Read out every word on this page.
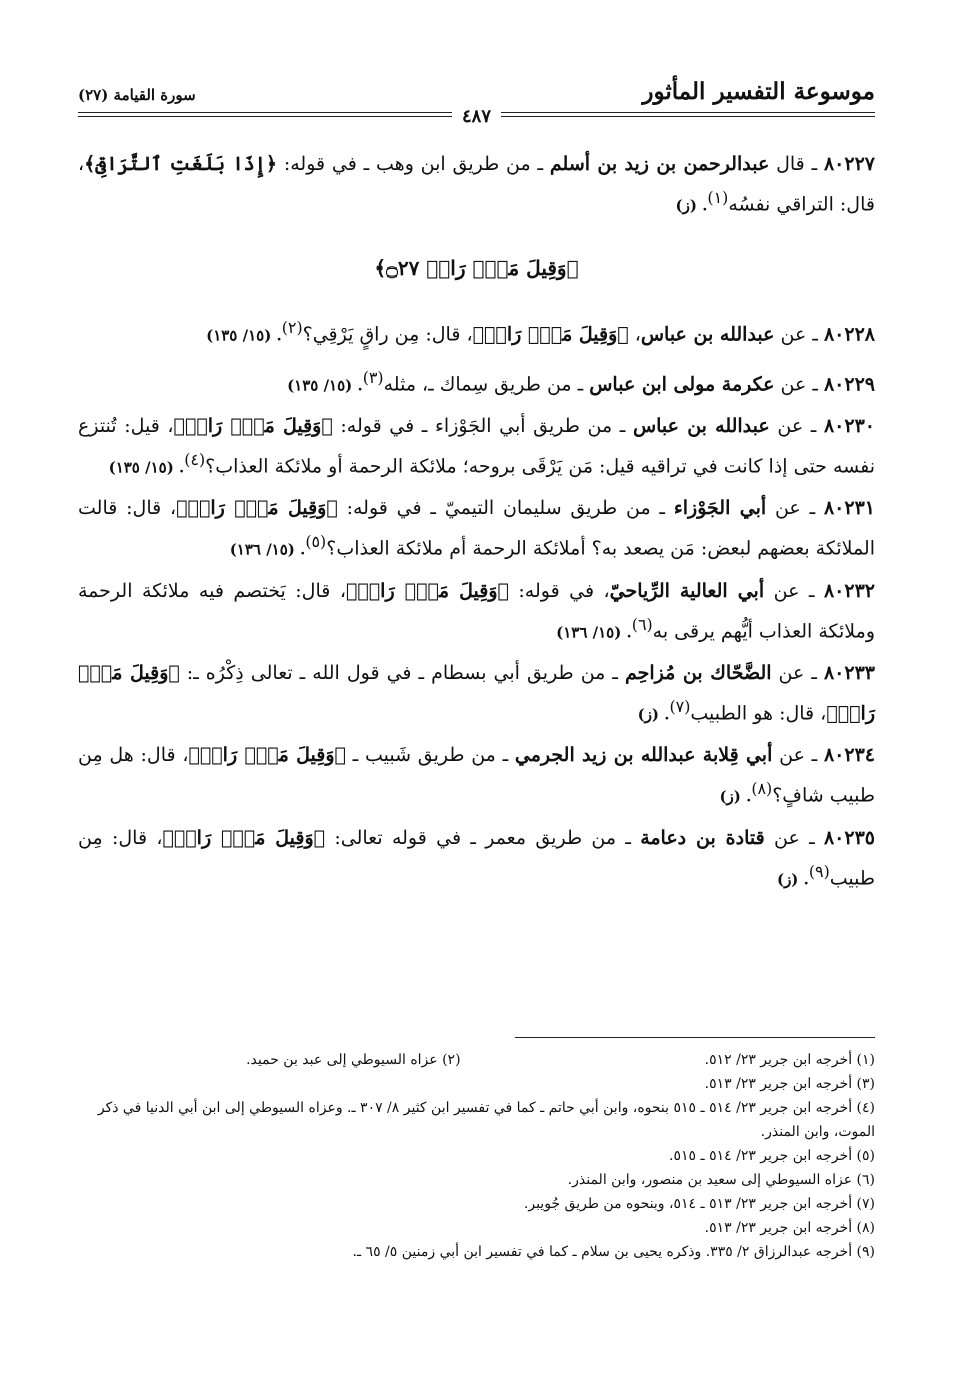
موسوعة التفسير المأثور
سورة القيامة (٢٧)
٤٨٧

٨٠٢٢٧ ـ قال عبدالرحمن بن زيد بن أسلم ـ من طريق ابن وهب ـ في قوله: ﴿إِذَا بَلَغَتِ ٱلتَّرَاقِىَ﴾، قال: التراقي نفسُه$^{(١)}$. (ز)

﴿وَقِيلَ مَنۡۜ رَاقٖ ۝٢٧﴾

٨٠٢٢٨ ـ عن عبدالله بن عباس، ﴿وَقِيلَ مَنۡۜ رَاقٖ﴾، قال: مِن راقٍ يَرْقِي؟$^{(٢)}$. (١٥/ ١٣٥)

٨٠٢٢٩ ـ عن عكرمة مولى ابن عباس ـ من طريق سِماك ـ، مثله$^{(٣)}$. (١٥/ ١٣٥)

٨٠٢٣٠ ـ عن عبدالله بن عباس ـ من طريق أبي الجَوْزاء ـ في قوله: ﴿وَقِيلَ مَنۡۜ رَاقٖ﴾، قيل: تُنتزع نفسه حتى إذا كانت في تراقيه قيل: مَن يَرْقَى بروحه؛ ملائكة الرحمة أو ملائكة العذاب؟$^{(٤)}$. (١٥/ ١٣٥)

٨٠٢٣١ ـ عن أبي الجَوْزاء ـ من طريق سليمان التيميّ ـ في قوله: ﴿وَقِيلَ مَنۡۜ رَاقٖ﴾، قال: قالت الملائكة بعضهم لبعض: مَن يصعد به؟ أملائكة الرحمة أم ملائكة العذاب؟$^{(٥)}$. (١٥/ ١٣٦)

٨٠٢٣٢ ـ عن أبي العالية الرِّياحيّ، في قوله: ﴿وَقِيلَ مَنۡۜ رَاقٖ﴾، قال: يَختصم فيه ملائكة الرحمة وملائكة العذاب أيُّهم يرقى به$^{(٦)}$. (١٥/ ١٣٦)

٨٠٢٣٣ ـ عن الضَّحّاك بن مُزاحِم ـ من طريق أبي بسطام ـ في قول الله ـ تعالى ذِكْرُه ـ: ﴿وَقِيلَ مَنۡۜ رَاقٖ﴾، قال: هو الطبيب$^{(٧)}$. (ز)

٨٠٢٣٤ ـ عن أبي قِلابة عبدالله بن زيد الجرمي ـ من طريق شَبيب ـ ﴿وَقِيلَ مَنۡۜ رَاقٖ﴾، قال: هل مِن طبيب شافٍ؟$^{(٨)}$. (ز)

٨٠٢٣٥ ـ عن قتادة بن دعامة ـ من طريق معمر ـ في قوله تعالى: ﴿وَقِيلَ مَنۡۜ رَاقٖ﴾، قال: مِن طبيب$^{(٩)}$. (ز)

(١) أخرجه ابن جرير ٢٣/ ٥١٢.

(٢) عزاه السيوطي إلى عبد بن حميد.

(٣) أخرجه ابن جرير ٢٣/ ٥١٣.

(٤) أخرجه ابن جرير ٢٣/ ٥١٤ ـ ٥١٥ بنحوه، وابن أبي حاتم ـ كما في تفسير ابن كثير ٨/ ٣٠٧ ـ. وعزاه السيوطي إلى ابن أبي الدنيا في ذكر الموت، وابن المنذر.

(٥) أخرجه ابن جرير ٢٣/ ٥١٤ ـ ٥١٥.

(٦) عزاه السيوطي إلى سعيد بن منصور، وابن المنذر.

(٧) أخرجه ابن جرير ٢٣/ ٥١٣ ـ ٥١٤، وبنحوه من طريق جُويبر.

(٨) أخرجه ابن جرير ٢٣/ ٥١٣.

(٩) أخرجه عبدالرزاق ٢/ ٣٣٥. وذكره يحيى بن سلام ـ كما في تفسير ابن أبي زمنين ٥/ ٦٥ ـ.
